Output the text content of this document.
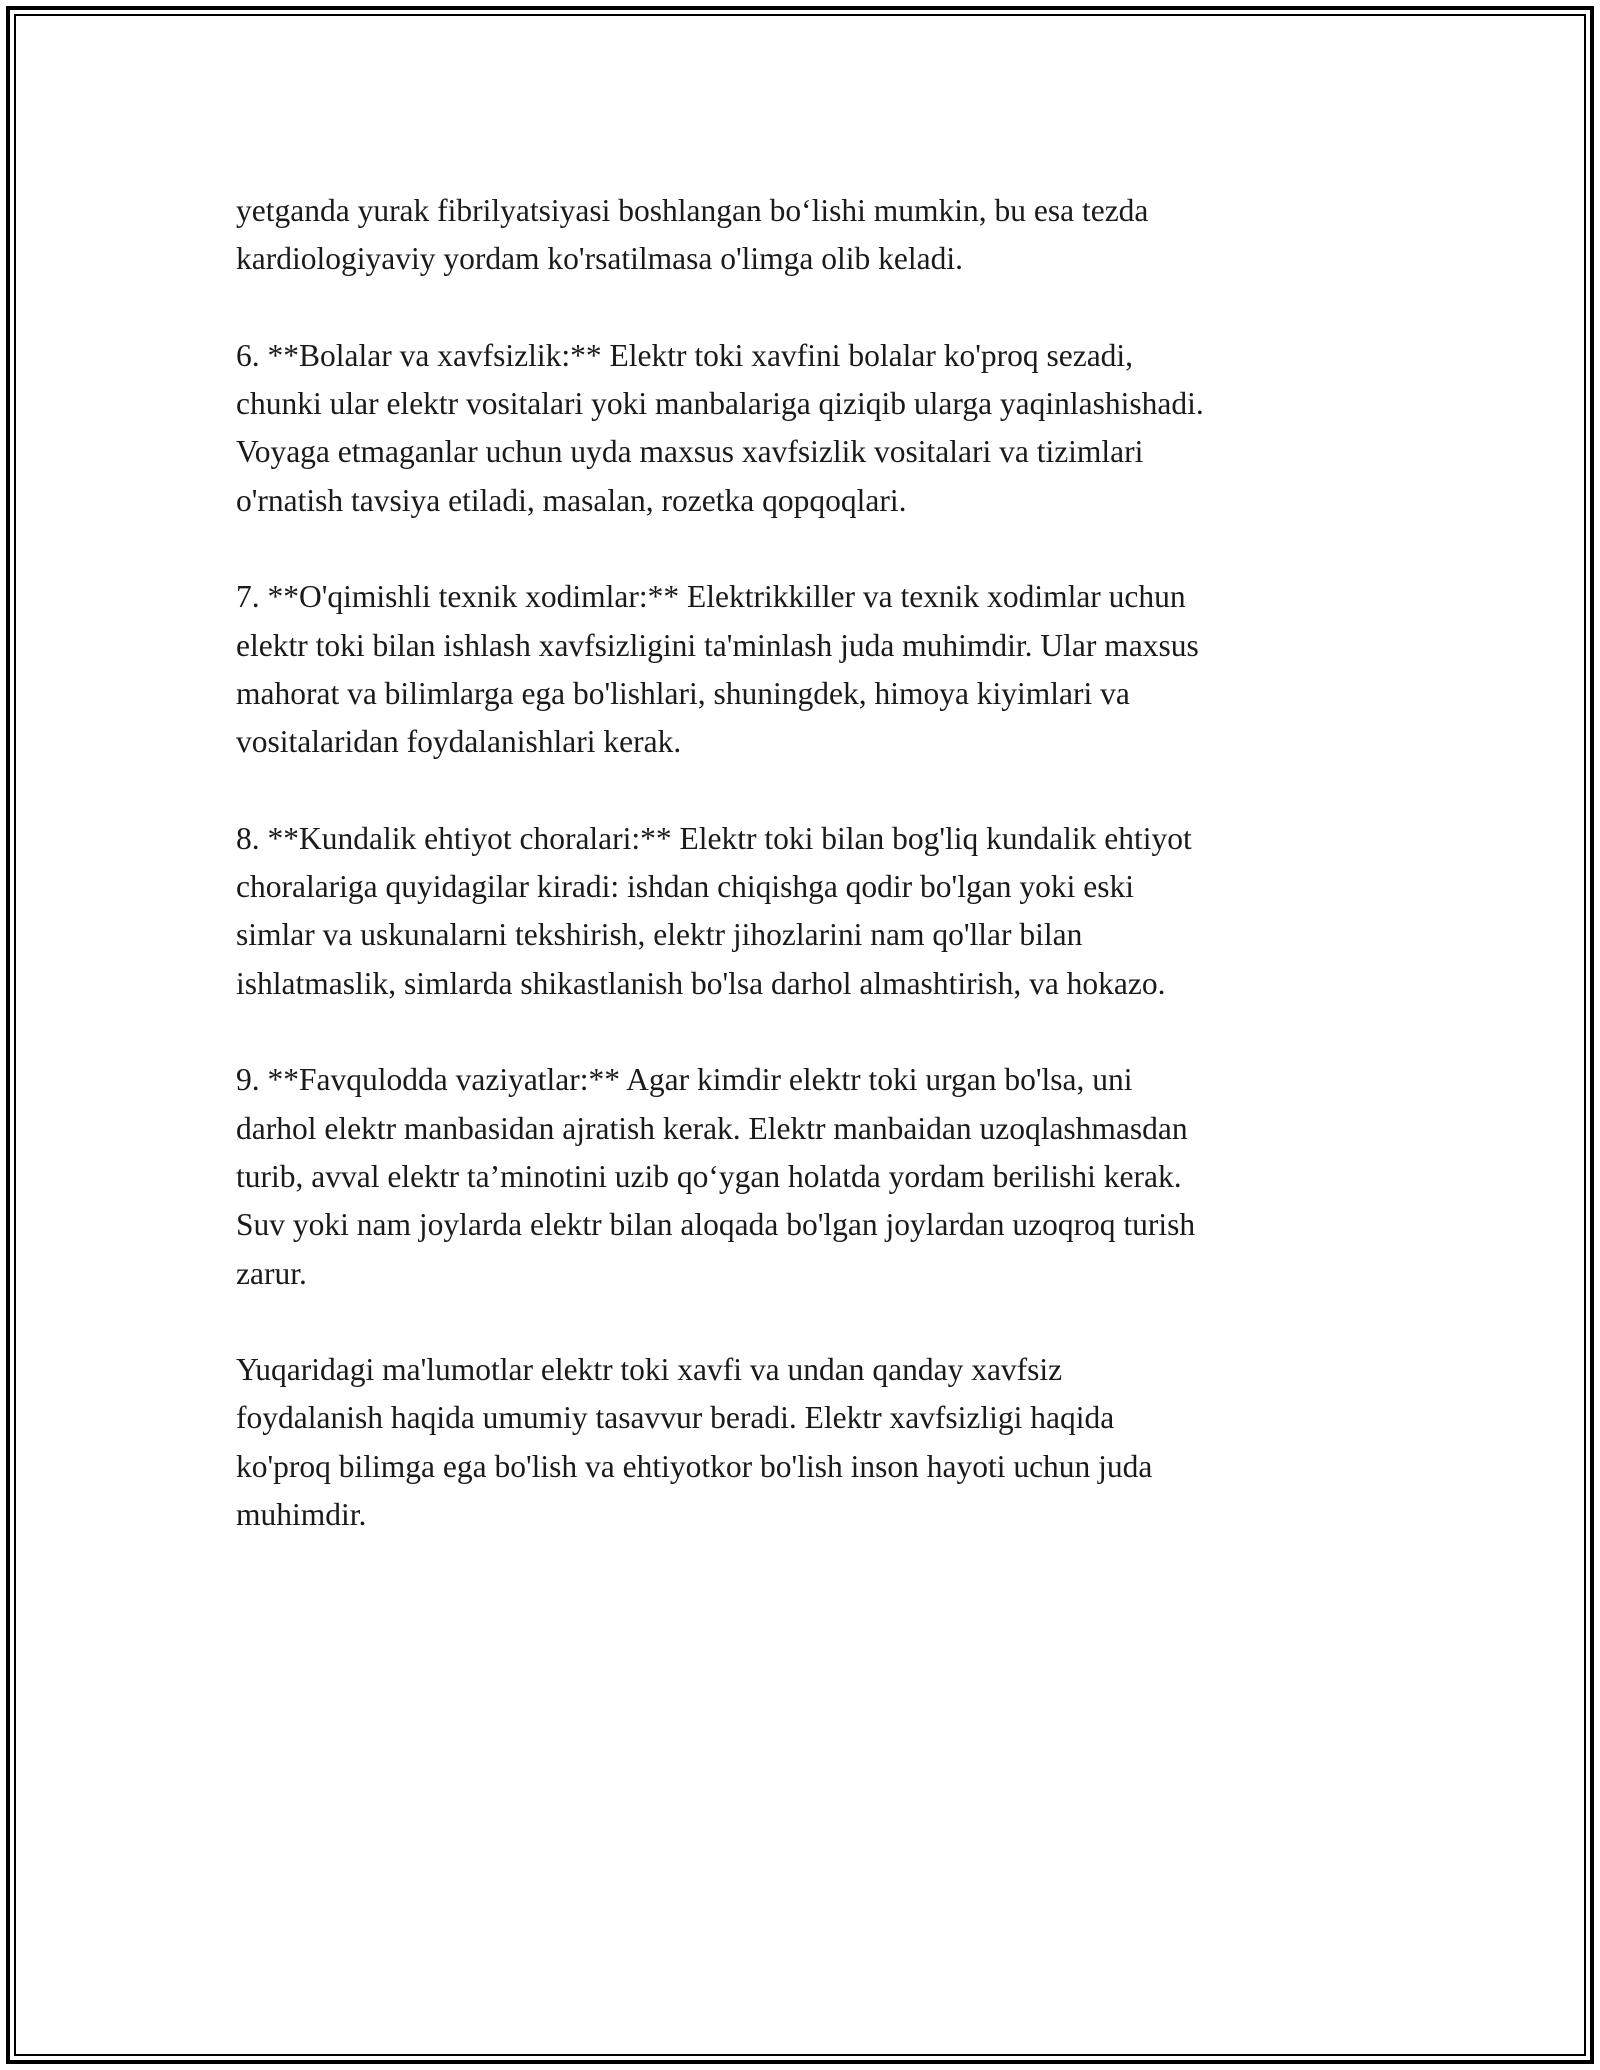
yetganda yurak fibrilyatsiyasi boshlangan bo‘lishi mumkin, bu esa tezda
kardiologiyaviy yordam ko'rsatilmasa o'limga olib keladi.

6. **Bolalar va xavfsizlik:** Elektr toki xavfini bolalar ko'proq sezadi,
chunki ular elektr vositalari yoki manbalariga qiziqib ularga yaqinlashishadi.
Voyaga etmaganlar uchun uyda maxsus xavfsizlik vositalari va tizimlari
o'rnatish tavsiya etiladi, masalan, rozetka qopqoqlari.

7. **O'qimishli texnik xodimlar:** Elektrikkiller va texnik xodimlar uchun
elektr toki bilan ishlash xavfsizligini ta'minlash juda muhimdir. Ular maxsus
mahorat va bilimlarga ega bo'lishlari, shuningdek, himoya kiyimlari va
vositalaridan foydalanishlari kerak.

8. **Kundalik ehtiyot choralari:** Elektr toki bilan bog'liq kundalik ehtiyot
choralariga quyidagilar kiradi: ishdan chiqishga qodir bo'lgan yoki eski
simlar va uskunalarni tekshirish, elektr jihozlarini nam qo'llar bilan
ishlatmaslik, simlarda shikastlanish bo'lsa darhol almashtirish, va hokazo.

9. **Favqulodda vaziyatlar:** Agar kimdir elektr toki urgan bo'lsa, uni
darhol elektr manbasidan ajratish kerak. Elektr manbaidan uzoqlashmasdan
turib, avval elektr ta’minotini uzib qo‘ygan holatda yordam berilishi kerak.
Suv yoki nam joylarda elektr bilan aloqada bo'lgan joylardan uzoqroq turish
zarur.

Yuqaridagi ma'lumotlar elektr toki xavfi va undan qanday xavfsiz
foydalanish haqida umumiy tasavvur beradi. Elektr xavfsizligi haqida
ko'proq bilimga ega bo'lish va ehtiyotkor bo'lish inson hayoti uchun juda
muhimdir.
